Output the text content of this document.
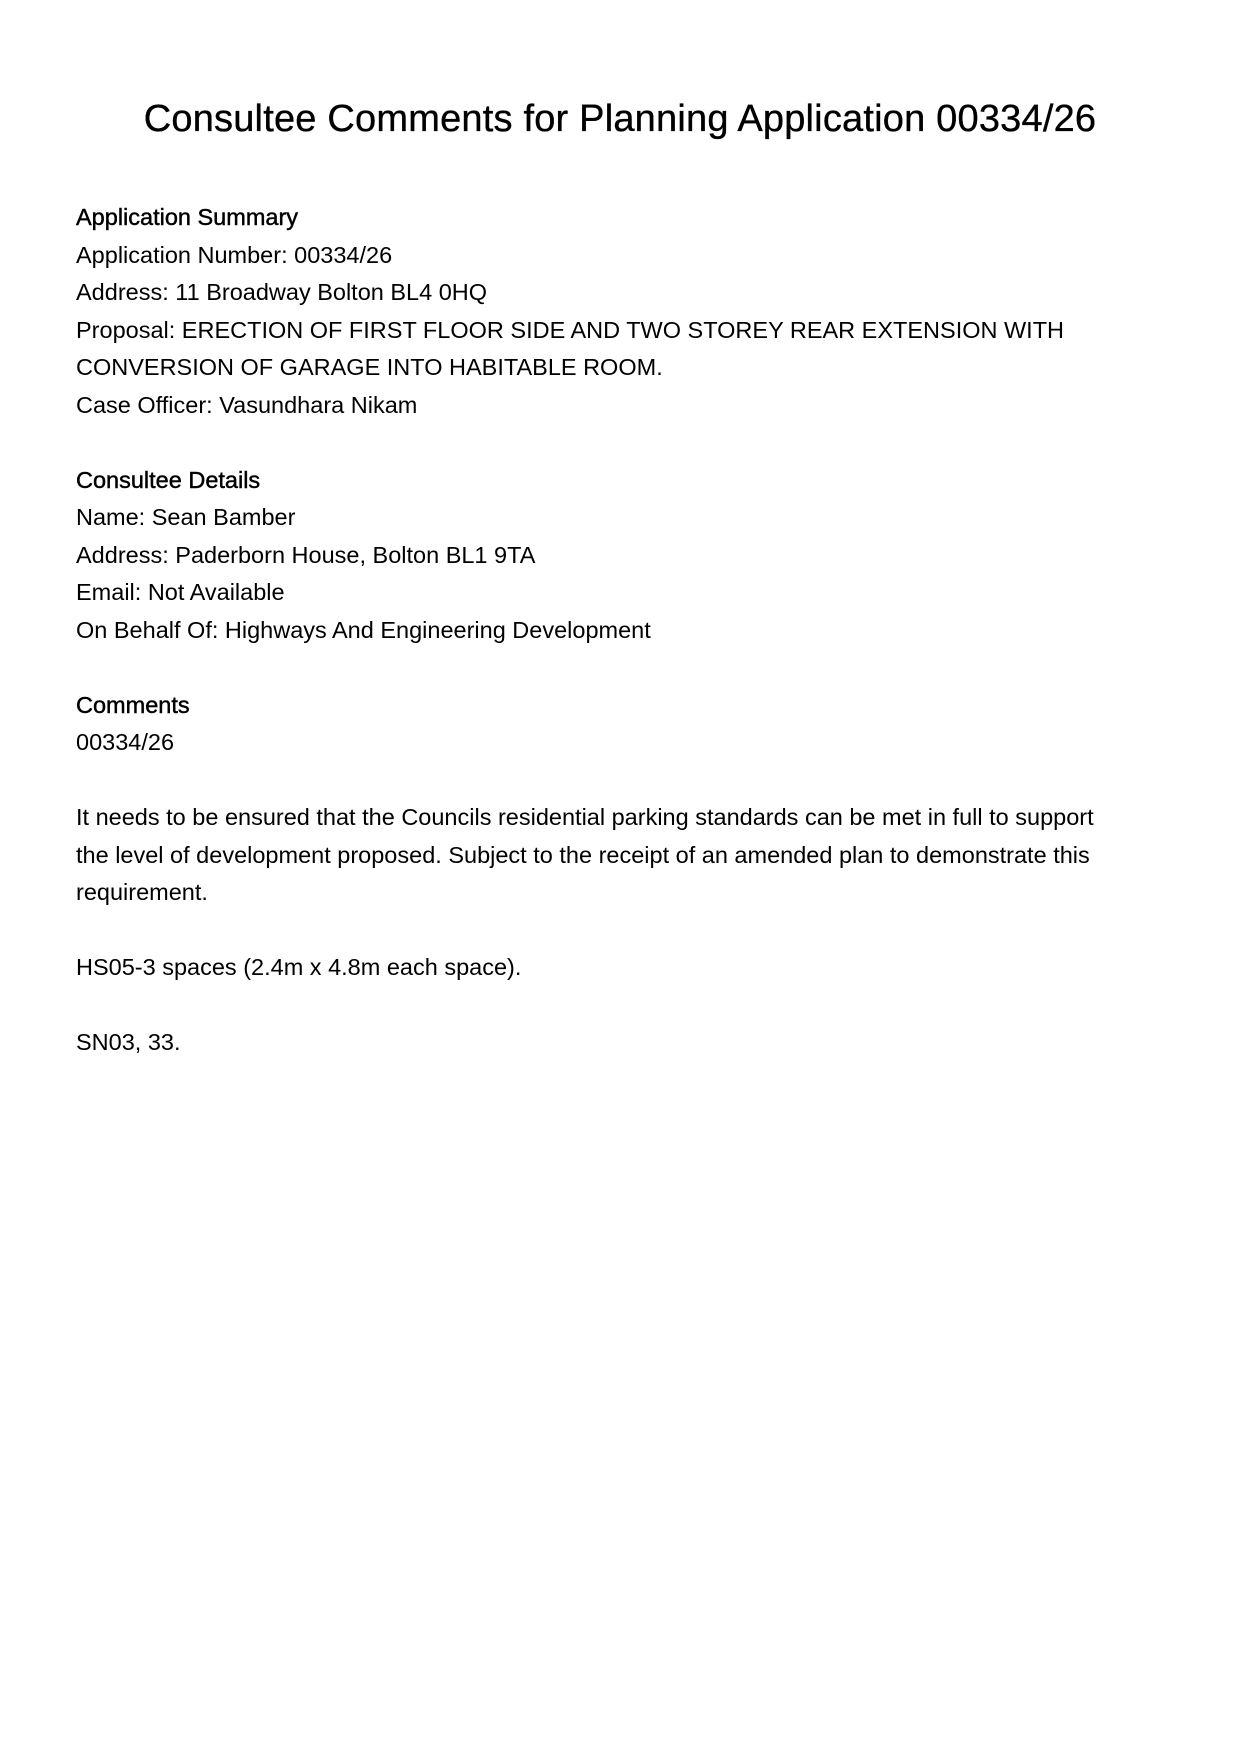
Consultee Comments for Planning Application 00334/26
Application Summary

Application Number: 00334/26

Address: 11 Broadway Bolton BL4 0HQ

Proposal: ERECTION OF FIRST FLOOR SIDE AND TWO STOREY REAR EXTENSION WITH

CONVERSION OF GARAGE INTO HABITABLE ROOM.

Case Officer: Vasundhara Nikam

Consultee Details

Name: Sean Bamber

Address: Paderborn House, Bolton BL1 9TA

Email: Not Available

On Behalf Of: Highways And Engineering Development

Comments

00334/26

It needs to be ensured that the Councils residential parking standards can be met in full to support

the level of development proposed. Subject to the receipt of an amended plan to demonstrate this

requirement.

HS05-3 spaces (2.4m x 4.8m each space).

SN03, 33.
